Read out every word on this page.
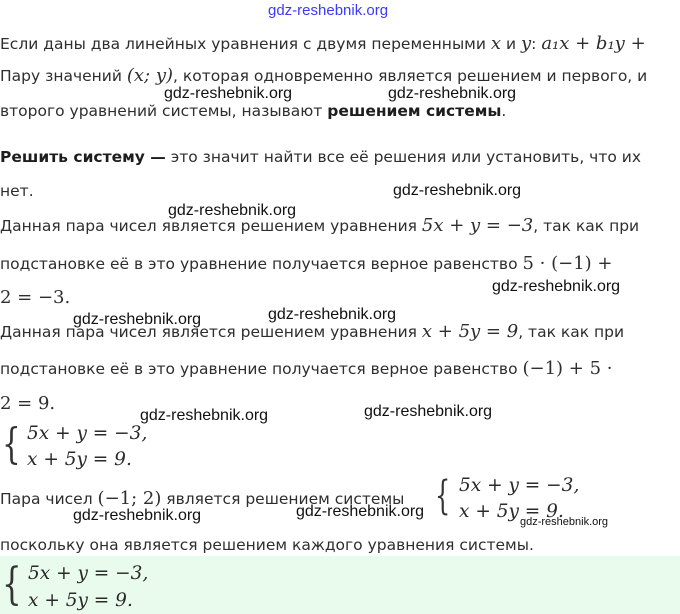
gdz-reshebnik.org

Если даны два линейных уравнения с двумя переменными x и y: a₁x + b₁y +

Пару значений (x; y), которая одновременно является решением и первого, и

второго уравнений системы, называют решением системы.

Решить систему — это значит найти все её решения или установить, что их

нет.

Данная пара чисел является решением уравнения 5x + y = −3, так как при

подстановке её в это уравнение получается верное равенство 5 · (−1) +

2 = −3.

Данная пара чисел является решением уравнения x + 5y = 9, так как при

подстановке её в это уравнение получается верное равенство (−1) + 5 ·

2 = 9.

{ 5x + y = −3,
x + 5y = 9.

Пара чисел (−1; 2) является решением системы { 5x + y = −3,
x + 5y = 9.

поскольку она является решением каждого уравнения системы.

{ 5x + y = −3,
x + 5y = 9.
gdz-reshebnik.org	gdz-reshebnik.org
gdz-reshebnik.org
gdz-reshebnik.org
gdz-reshebnik.org
gdz-reshebnik.org
gdz-reshebnik.org
gdz-reshebnik.org	gdz-reshebnik.org
gdz-reshebnik.org	gdz-reshebnik.org
gdz-reshebnik.org
